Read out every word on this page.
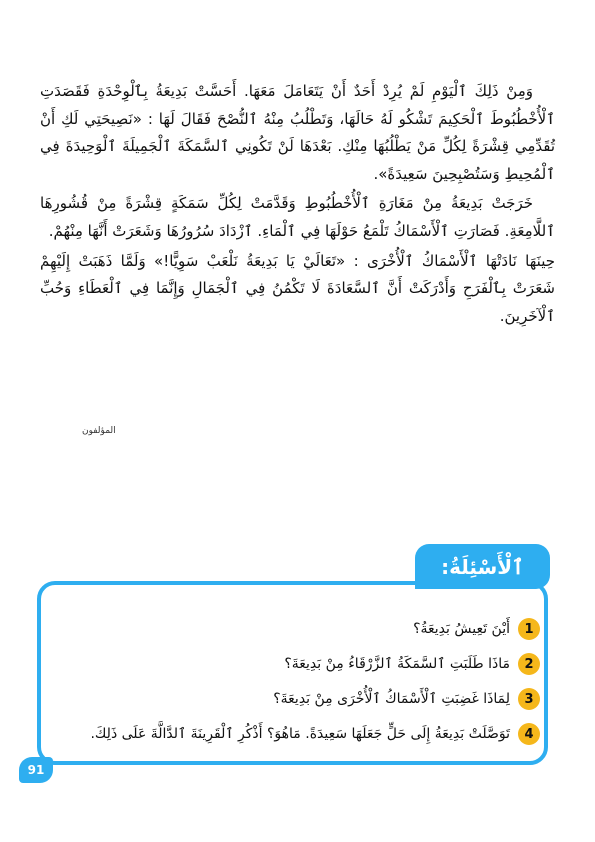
وَمِنْ ذَلِكَ ٱلْيَوْمِ لَمْ يُرِدْ أَحَدٌ أَنْ يَتَعَامَلَ مَعَهَا. أَحَسَّتْ بَدِيعَةُ بِٱلْوِحْدَةِ فَقَصَدَتِ ٱلْأُخْطُبُوطَ ٱلْحَكِيمَ تَشْكُو لَهُ حَالَهَا، وَتَطْلُبُ مِنْهُ ٱلنُّصْحَ فَقَالَ لَهَا : «نَصِيحَتِي لَكِ أَنْ تُقَدِّمِي قِشْرَةً لِكُلِّ مَنْ يَطْلُبُهَا مِنْكِ. بَعْدَهَا لَنْ تَكُونِي ٱلسَّمَكَةَ ٱلْجَمِيلَةَ ٱلْوَحِيدَةَ فِي ٱلْمُحِيطِ وَسَتُصْبِحِينَ سَعِيدَةً».

خَرَجَتْ بَدِيعَةُ مِنْ مَغَارَةِ ٱلْأُخْطُبُوطِ وَقَدَّمَتْ لِكُلِّ سَمَكَةٍ قِشْرَةً مِنْ قُشُورِهَا ٱللَّامِعَةِ. فَصَارَتِ ٱلْأَسْمَاكُ تَلْمَعُ حَوْلَهَا فِي ٱلْمَاءِ. ٱزْدَادَ سُرُورُهَا وَشَعَرَتْ أَنَّهَا مِنْهُمْ.

حِينَهَا نَادَتْهَا ٱلْأَسْمَاكُ ٱلْأُخْرَى : «تَعَالَيْ يَا بَدِيعَةُ نَلْعَبْ سَوِيًّا!» وَلَمَّا ذَهَبَتْ إِلَيْهِمْ شَعَرَتْ بِٱلْفَرَحِ وَأَدْرَكَتْ أَنَّ ٱلسَّعَادَةَ لَا تَكْمُنُ فِي ٱلْجَمَالِ وَإِنَّمَا فِي ٱلْعَطَاءِ وَحُبِّ ٱلْآخَرِينَ.

المؤلفون
ٱلْأَسْئِلَةُ:
1
أَيْنَ تَعِيشُ بَدِيعَةُ؟
2
مَاذَا طَلَبَتِ ٱلسَّمَكَةُ ٱلزَّرْقَاءُ مِنْ بَدِيعَةَ؟
3
لِمَاذَا غَضِبَتِ ٱلْأَسْمَاكُ ٱلْأُخْرَى مِنْ بَدِيعَةَ؟
4
تَوَصَّلَتْ بَدِيعَةُ إِلَى حَلٍّ جَعَلَهَا سَعِيدَةً. مَاهُوَ؟ أَذْكُرِ ٱلْقَرِينَةَ ٱلدَّالَّةَ عَلَى ذَلِكَ.
91
